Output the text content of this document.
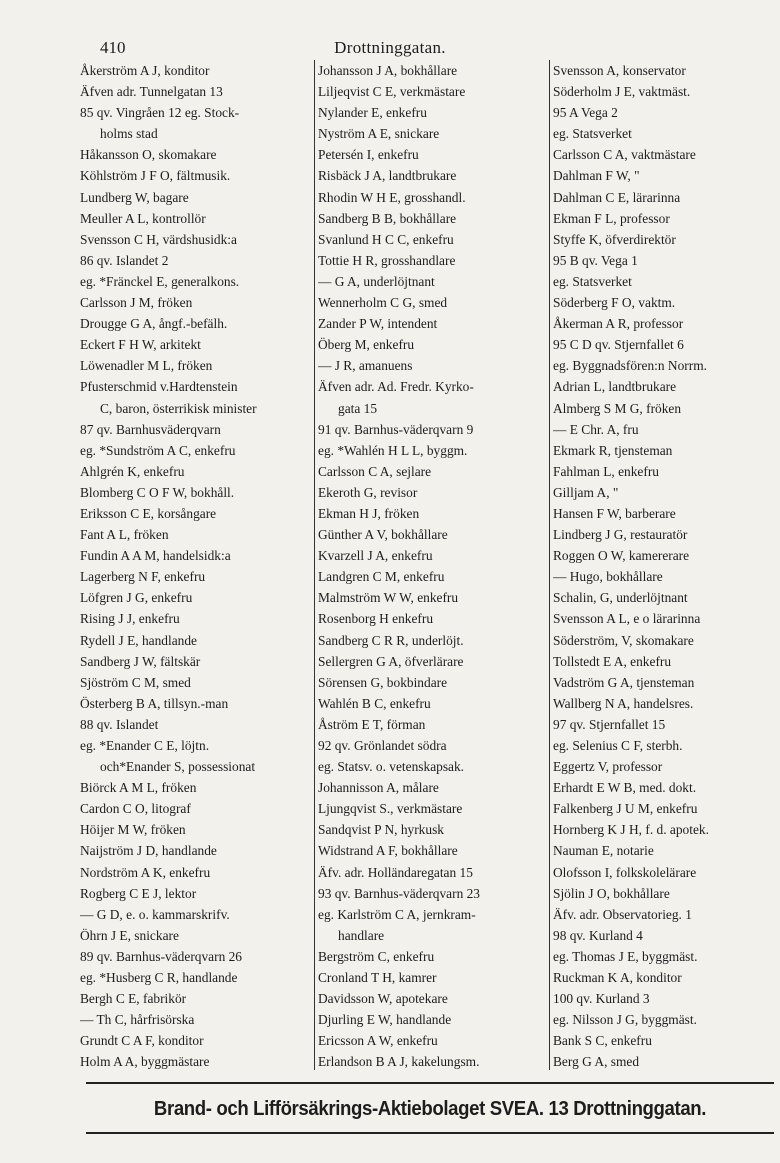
410	Drottninggatan.
Åkerström A J, konditor
Äfven adr. Tunnelgatan 13
85 qv. Vingråen 12 eg. Stock-
holms stad
Håkansson O, skomakare
Köhlström J F O, fältmusik.
Lundberg W, bagare
Meuller A L, kontrollör
Svensson C H, värdshusidk:a
86 qv. Islandet 2
eg. *Fränckel E, generalkons.
Carlsson J M, fröken
Drougge G A, ångf.-befälh.
Eckert F H W, arkitekt
Löwenadler M L, fröken
Pfusterschmid v.Hardtenstein
C, baron, österrikisk minister
87 qv. Barnhusväderqvarn
eg. *Sundström A C, enkefru
Ahlgrén K, enkefru
Blomberg C O F W, bokhåll.
Eriksson C E, korsångare
Fant A L, fröken
Fundin A A M, handelsidk:a
Lagerberg N F, enkefru
Löfgren J G, enkefru
Rising J J, enkefru
Rydell J E, handlande
Sandberg J W, fältskär
Sjöström C M, smed
Österberg B A, tillsyn.-man
88 qv. Islandet
eg. *Enander C E, löjtn.
och*Enander S, possessionat
Biörck A M L, fröken
Cardon C O, litograf
Höijer M W, fröken
Naijström J D, handlande
Nordström A K, enkefru
Rogberg C E J, lektor
— G D, e. o. kammarskrifv.
Öhrn J E, snickare
89 qv. Barnhus-väderqvarn 26
eg. *Husberg C R, handlande
Bergh C E, fabrikör
— Th C, hårfrisörska
Grundt C A F, konditor
Holm A A, byggmästare
Johansson J A, bokhållare
Liljeqvist C E, verkmästare
Nylander E, enkefru
Nyström A E, snickare
Petersén I, enkefru
Risbäck J A, landtbrukare
Rhodin W H E, grosshandl.
Sandberg B B, bokhållare
Svanlund H C C, enkefru
Tottie H R, grosshandlare
— G A, underlöjtnant
Wennerholm C G, smed
Zander P W, intendent
Öberg M, enkefru
— J R, amanuens
Äfven adr. Ad. Fredr. Kyrko-
gata 15
91 qv. Barnhus-väderqvarn 9
eg. *Wahlén H L L, byggm.
Carlsson C A, sejlare
Ekeroth G, revisor
Ekman H J, fröken
Günther A V, bokhållare
Kvarzell J A, enkefru
Landgren C M, enkefru
Malmström W W, enkefru
Rosenborg H enkefru
Sandberg C R R, underlöjt.
Sellergren G A, öfverlärare
Sörensen G, bokbindare
Wahlén B C, enkefru
Åström E T, förman
92 qv. Grönlandet södra
eg. Statsv. o. vetenskapsak.
Johannisson A, målare
Ljungqvist S., verkmästare
Sandqvist P N, hyrkusk
Widstrand A F, bokhållare
Äfv. adr. Holländaregatan 15
93 qv. Barnhus-väderqvarn 23
eg. Karlström C A, jernkram-
handlare
Bergström C, enkefru
Cronland T H, kamrer
Davidsson W, apotekare
Djurling E W, handlande
Ericsson A W, enkefru
Erlandson B A J, kakelungsm.
Svensson A, konservator
Söderholm J E, vaktmäst.
95 A Vega 2
eg. Statsverket
Carlsson C A, vaktmästare
Dahlman F W, "
Dahlman C E, lärarinna
Ekman F L, professor
Styffe K, öfverdirektör
95 B qv. Vega 1
eg. Statsverket
Söderberg F O, vaktm.
Åkerman A R, professor
95 C D qv. Stjernfallet 6
eg. Byggnadsfören:n Norrm.
Adrian L, landtbrukare
Almberg S M G, fröken
— E Chr. A, fru
Ekmark R, tjensteman
Fahlman L, enkefru
Gilljam A, "
Hansen F W, barberare
Lindberg J G, restauratör
Roggen O W, kamererare
— Hugo, bokhållare
Schalin, G, underlöjtnant
Svensson A L, e o lärarinna
Söderström, V, skomakare
Tollstedt E A, enkefru
Vadström G A, tjensteman
Wallberg N A, handelsres.
97 qv. Stjernfallet 15
eg. Selenius C F, sterbh.
Eggertz V, professor
Erhardt E W B, med. dokt.
Falkenberg J U M, enkefru
Hornberg K J H, f. d. apotek.
Nauman E, notarie
Olofsson I, folkskolelärare
Sjölin J O, bokhållare
Äfv. adr. Observatorieg. 1
98 qv. Kurland 4
eg. Thomas J E, byggmäst.
Ruckman K A, konditor
100 qv. Kurland 3
eg. Nilsson J G, byggmäst.
Bank S C, enkefru
Berg G A, smed
Brand- och Lifförsäkrings-Aktiebolaget SVEA. 13 Drottninggatan.
